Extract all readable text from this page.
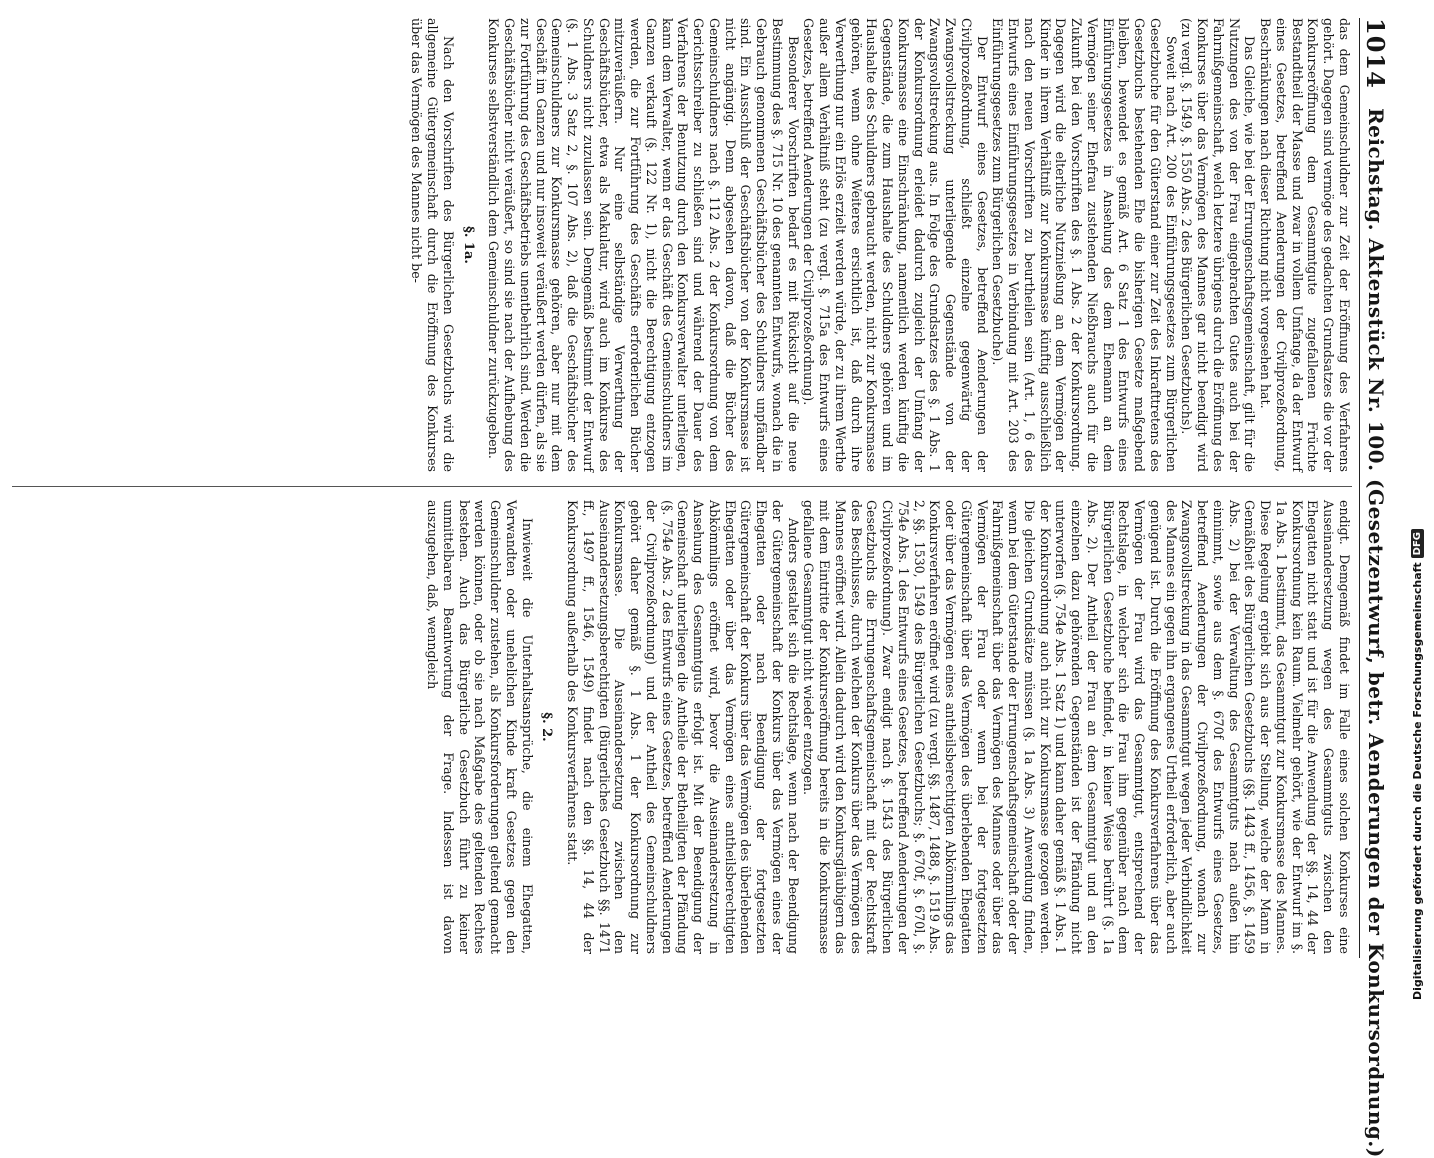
1014
Reichstag. Aktenstück Nr. 100. (Gesetzentwurf, betr. Aenderungen der Konkursordnung.)

das dem Gemeinschuldner zur Zeit der Eröffnung des Verfahrens gehört. Dagegen sind vermöge des gedachten Grundsatzes die vor der Konkurseröffnung dem Gesammtgute zugefallenen Früchte Bestandtheil der Masse und zwar in vollem Umfange, da der Entwurf eines Gesetzes, betreffend Aenderungen der Civilprozeßordnung, Beschränkungen nach dieser Richtung nicht vorgesehen hat.

Das Gleiche, wie bei der Errungenschaftsgemeinschaft, gilt für die Nutzungen des von der Frau eingebrachten Gutes auch bei der Fahrnißgemeinschaft, welch letztere übrigens durch die Eröffnung des Konkurses über das Vermögen des Mannes gar nicht beendigt wird (zu vergl. §. 1549, §. 1550 Abs. 2 des Bürgerlichen Gesetzbuchs).

Soweit nach Art. 200 des Einführungsgesetzes zum Bürgerlichen Gesetzbuche für den Güterstand einer zur Zeit des Inkrafttretens des Gesetzbuchs bestehenden Ehe die bisherigen Gesetze maßgebend bleiben, bewendet es gemäß Art. 6 Satz 1 des Entwurfs eines Einführungsgesetzes in Ansehung des dem Ehemann an dem Vermögen seiner Ehefrau zustehenden Nießbrauchs auch für die Zukunft bei den Vorschriften des §. 1 Abs. 2 der Konkursordnung. Dagegen wird die elterliche Nutznießung an dem Vermögen der Kinder in ihrem Verhältniß zur Konkursmasse künftig ausschließlich nach den neuen Vorschriften zu beurtheilen sein (Art. 1, 6 des Entwurfs eines Einführungsgesetzes in Verbindung mit Art. 203 des Einführungsgesetzes zum Bürgerlichen Gesetzbuche).

Der Entwurf eines Gesetzes, betreffend Aenderungen der Civilprozeßordnung, schließt einzelne gegenwärtig der Zwangsvollstreckung unterliegende Gegenstände von der Zwangsvollstreckung aus. In Folge des Grundsatzes des §. 1 Abs. 1 der Konkursordnung erleidet dadurch zugleich der Umfang der Konkursmasse eine Einschränkung, namentlich werden künftig die Gegenstände, die zum Haushalte des Schuldners gehören und im Haushalte des Schuldners gebraucht werden, nicht zur Konkursmasse gehören, wenn ohne Weiteres ersichtlich ist, daß durch ihre Verwerthung nur ein Erlös erzielt werden würde, der zu ihrem Werthe außer allem Verhältniß steht (zu vergl. §. 715a des Entwurfs eines Gesetzes, betreffend Aenderungen der Civilprozeßordnung).

Besonderer Vorschriften bedarf es mit Rücksicht auf die neue Bestimmung des §. 715 Nr. 10 des genannten Entwurfs, wonach die in Gebrauch genommenen Geschäftsbücher des Schuldners unpfändbar sind. Ein Ausschluß der Geschäftsbücher von der Konkursmasse ist nicht angängig. Denn abgesehen davon, daß die Bücher des Gemeinschuldners nach §. 112 Abs. 2 der Konkursordnung von dem Gerichtsschreiber zu schließen sind und während der Dauer des Verfahrens der Benutzung durch den Konkursverwalter unterliegen, kann dem Verwalter, wenn er das Geschäft des Gemeinschuldners im Ganzen verkauft (§. 122 Nr. 1), nicht die Berechtigung entzogen werden, die zur Fortführung des Geschäfts erforderlichen Bücher mitzuveräußern. Nur eine selbständige Verwerthung der Geschäftsbücher, etwa als Makulatur, wird auch im Konkurse des Schuldners nicht zuzulassen sein. Demgemäß bestimmt der Entwurf (§. 1 Abs. 3 Satz 2, §. 107 Abs. 2), daß die Geschäftsbücher des Gemeinschuldners zur Konkursmasse gehören, aber nur mit dem Geschäft im Ganzen und nur insoweit veräußert werden dürfen, als sie zur Fortführung des Geschäftsbetriebs unentbehrlich sind. Werden die Geschäftsbücher nicht veräußert, so sind sie nach der Aufhebung des Konkurses selbstverständlich dem Gemeinschuldner zurückzugeben.

§. 1a.

Nach den Vorschriften des Bürgerlichen Gesetzbuchs wird die allgemeine Gütergemeinschaft durch die Eröffnung des Konkurses über das Vermögen des Mannes nicht be-

endigt. Demgemäß findet im Falle eines solchen Konkurses eine Auseinandersetzung wegen des Gesammtguts zwischen den Ehegatten nicht statt und ist für die Anwendung der §§. 14, 44 der Konkursordnung kein Raum. Vielmehr gehört, wie der Entwurf im §. 1a Abs. 1 bestimmt, das Gesammtgut zur Konkursmasse des Mannes. Diese Regelung ergiebt sich aus der Stellung, welche der Mann in Gemäßheit des Bürgerlichen Gesetzbuchs (§§. 1443 ff., 1456, §. 1459 Abs. 2) bei der Verwaltung des Gesammtguts nach außen hin einnimmt, sowie aus dem §. 670f des Entwurfs eines Gesetzes, betreffend Aenderungen der Civilprozeßordnung, wonach zur Zwangsvollstreckung in das Gesammtgut wegen jeder Verbindlichkeit des Mannes ein gegen ihn ergangenes Urtheil erforderlich, aber auch genügend ist. Durch die Eröffnung des Konkursverfahrens über das Vermögen der Frau wird das Gesammtgut, entsprechend der Rechtslage, in welcher sich die Frau ihm gegenüber nach dem Bürgerlichen Gesetzbuche befindet, in keiner Weise berührt (§. 1a Abs. 2). Der Antheil der Frau an dem Gesammtgut und an den einzelnen dazu gehörenden Gegenständen ist der Pfändung nicht unterworfen (§. 754e Abs. 1 Satz 1) und kann daher gemäß §. 1 Abs. 1 der Konkursordnung auch nicht zur Konkursmasse gezogen werden. Die gleichen Grundsätze müssen (§. 1a Abs. 3) Anwendung finden, wenn bei dem Güterstande der Errungenschaftsgemeinschaft oder der Fahrnißgemeinschaft über das Vermögen des Mannes oder über das Vermögen der Frau oder wenn bei der fortgesetzten Gütergemeinschaft über das Vermögen des überlebenden Ehegatten oder über das Vermögen eines antheilsberechtigten Abkömmlings das Konkursverfahren eröffnet wird (zu vergl. §§. 1487, 1488, §. 1519 Abs. 2, §§. 1530, 1549 des Bürgerlichen Gesetzbuchs; §. 670f, §. 670l, §. 754e Abs. 1 des Entwurfs eines Gesetzes, betreffend Aenderungen der Civilprozeßordnung). Zwar endigt nach §. 1543 des Bürgerlichen Gesetzbuchs die Errungenschaftsgemeinschaft mit der Rechtskraft des Beschlusses, durch welchen der Konkurs über das Vermögen des Mannes eröffnet wird. Allein dadurch wird den Konkursgläubigern das mit dem Eintritte der Konkurseröffnung bereits in die Konkursmasse gefallene Gesammtgut nicht wieder entzogen.

Anders gestaltet sich die Rechtslage, wenn nach der Beendigung der Gütergemeinschaft der Konkurs über das Vermögen eines der Ehegatten oder nach Beendigung der fortgesetzten Gütergemeinschaft der Konkurs über das Vermögen des überlebenden Ehegatten oder über das Vermögen eines antheilsberechtigten Abkömmlings eröffnet wird, bevor die Auseinandersetzung in Ansehung des Gesammtguts erfolgt ist. Mit der Beendigung der Gemeinschaft unterliegen die Antheile der Betheiligten der Pfändung (§. 754e Abs. 2 des Entwurfs eines Gesetzes, betreffend Aenderungen der Civilprozeßordnung) und der Antheil des Gemeinschuldners gehört daher gemäß §. 1 Abs. 1 der Konkursordnung zur Konkursmasse. Die Auseinandersetzung zwischen den Auseinandersetzungsberechtigten (Bürgerliches Gesetzbuch §§. 1471 ff., 1497 ff., 1546, 1549) findet nach den §§. 14, 44 der Konkursordnung außerhalb des Konkursverfahrens statt.

§. 2.

Inwieweit die Unterhaltsansprüche, die einem Ehegatten, Verwandten oder unehelichen Kinde kraft Gesetzes gegen den Gemeinschuldner zustehen, als Konkursforderungen geltend gemacht werden können, oder ob sie nach Maßgabe des geltenden Rechtes bestehen. Auch das Bürgerliche Gesetzbuch führt zu keiner unmittelbaren Beantwortung der Frage. Indessen ist davon auszugehen, daß, wenngleich	Digitalisierung gefördert durch die Deutsche Forschungsgemeinschaft
DFG
